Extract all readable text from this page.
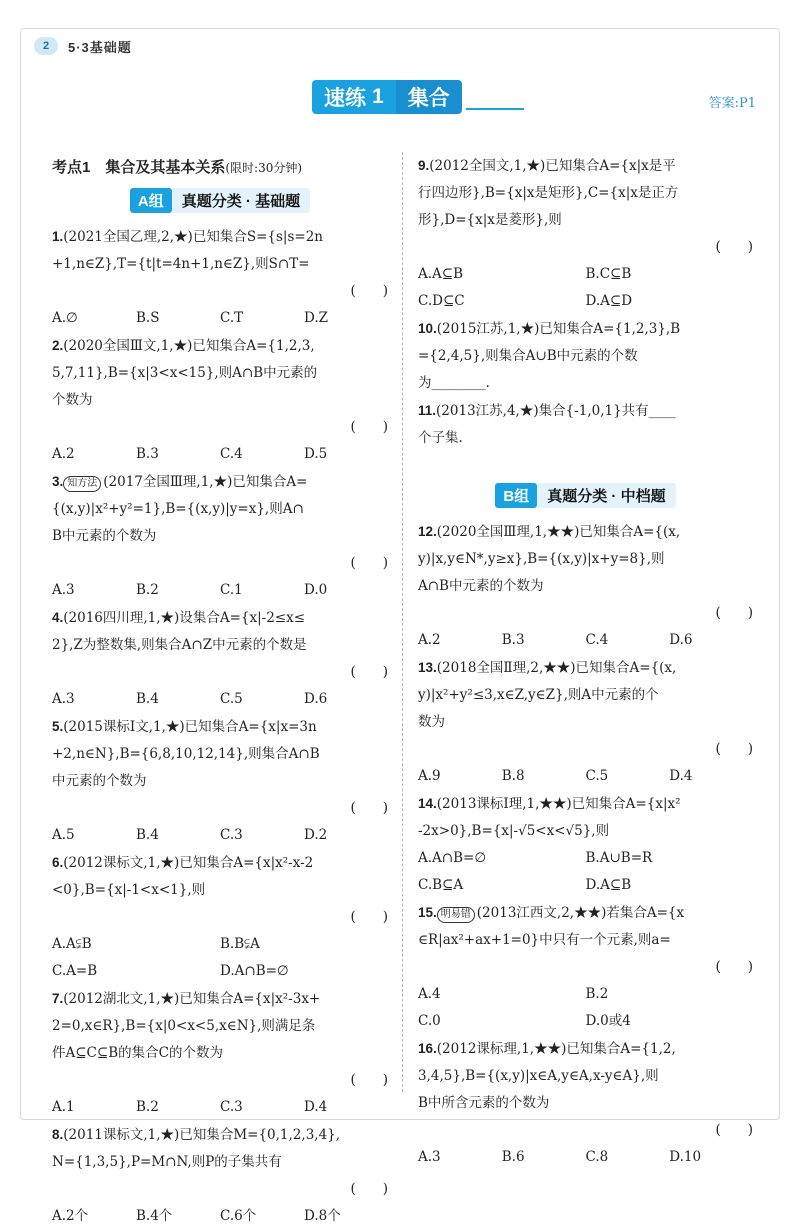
2	5·3基础题
速练 1	集合	答案:P1
考点1　集合及其基本关系(限时:30分钟)
A组	真题分类 · 基础题

1.(2021全国乙理,2,★)已知集合S={s|s=2n

+1,n∈Z},T={t|t=4n+1,n∈Z},则S∩T=

(　　)
A.∅	B.S	C.T	D.Z

2.(2020全国Ⅲ文,1,★)已知集合A={1,2,3,

5,7,11},B={x|3<x<15},则A∩B中元素的

个数为

(　　)
A.2	B.3	C.4	D.5

3. 知方法 (2017全国Ⅲ理,1,★)已知集合A=

{(x,y)|x²+y²=1},B={(x,y)|y=x},则A∩

B中元素的个数为

(　　)
A.3	B.2	C.1	D.0

4.(2016四川理,1,★)设集合A={x|-2≤x≤

2},Z为整数集,则集合A∩Z中元素的个数是

(　　)
A.3	B.4	C.5	D.6

5.(2015课标Ⅰ文,1,★)已知集合A={x|x=3n

+2,n∈N},B={6,8,10,12,14},则集合A∩B

中元素的个数为

(　　)
A.5	B.4	C.3	D.2

6.(2012课标文,1,★)已知集合A={x|x²-x-2

<0},B={x|-1<x<1},则

(　　)
A.A⫋B	B.B⫋A
C.A=B	D.A∩B=∅

7.(2012湖北文,1,★)已知集合A={x|x²-3x+

2=0,x∈R},B={x|0<x<5,x∈N},则满足条

件A⊆C⊆B的集合C的个数为

(　　)
A.1	B.2	C.3	D.4

8.(2011课标文,1,★)已知集合M={0,1,2,3,4},

N={1,3,5},P=M∩N,则P的子集共有

(　　)
A.2个	B.4个	C.6个	D.8个

9.(2012全国文,1,★)已知集合A={x|x是平

行四边形},B={x|x是矩形},C={x|x是正方

形},D={x|x是菱形},则

(　　)
A.A⊆B	B.C⊆B
C.D⊆C	D.A⊆D

10.(2015江苏,1,★)已知集合A={1,2,3},B

={2,4,5},则集合A∪B中元素的个数

为________.

11.(2013江苏,4,★)集合{-1,0,1}共有____

个子集.

B组	真题分类 · 中档题

12.(2020全国Ⅲ理,1,★★)已知集合A={(x,

y)|x,y∈N*,y≥x},B={(x,y)|x+y=8},则

A∩B中元素的个数为

(　　)
A.2	B.3	C.4	D.6

13.(2018全国Ⅱ理,2,★★)已知集合A={(x,

y)|x²+y²≤3,x∈Z,y∈Z},则A中元素的个

数为

(　　)
A.9	B.8	C.5	D.4

14.(2013课标Ⅰ理,1,★★)已知集合A={x|x²

-2x>0},B={x|-√5<x<√5},则

A.A∩B=∅	B.A∪B=R
C.B⊆A	D.A⊆B

15. 明易错 (2013江西文,2,★★)若集合A={x

∈R|ax²+ax+1=0}中只有一个元素,则a=

(　　)
A.4	B.2
C.0	D.0或4

16.(2012课标理,1,★★)已知集合A={1,2,

3,4,5},B={(x,y)|x∈A,y∈A,x-y∈A},则

B中所含元素的个数为

(　　)
A.3	B.6	C.8	D.10
